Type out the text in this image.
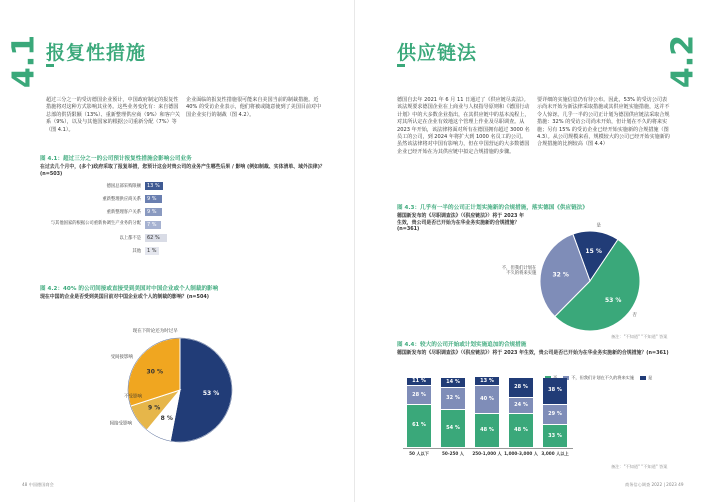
4.1 报复性措施
超过三分之一的受访德国企业预计，中国政府制定的报复性措施将对这种方式影响其业务。这些业务变化有：来自德国总部的供货限额（13%）、重新整理供应商（9%）和客户关系（9%），以及与其他国家的根据公司重新分配（7%）等（图 4.1）。
企业面临的报复性措施很可能来自美国当前的制裁措施。近 40% 的受访企业表示，他们将被或随意使到了美国目前对中国企业实行的制裁（图 4.2）。
图 4.1：超过三分之一的公司预计报复性措施会影响公司业务
在过去几个月中，(多个)政府采取了报复举措，您预计这会对贵公司的业务产生哪些后果 / 影响 (例如制裁、实体清单、域外法律)？(n=503)
德国总部采购限额	13 %
重新整理供应商关系	9 %
重新整理客户关系	9 %
与其他国家的根据公司重新协调生产业务的分配	7 %
以上都不是	62 %
其他	1 %
图 4.2：40% 的公司间接或直接受到美国对中国企业或个人制裁的影响
现在中国的企业是否受到美国目前对中国企业或个人的制裁的影响？(n=504)
53 %
不受影响
8 %
现在下阶论还为时过早
9 %
间接受影响
30 %
受间接影响
48 中国德国商会
供应链法	4.2
德国自去年 2021 年 6 月 11 日通过了《供应链尽责法》。该法规要求德国企业在上商业与人权指导原则和《德国行动计划》中的大多数企业指出，在其供应链中的基本流程上，对其所认定在企业有效地这个管理上作业及尽职调查。从 2023 年开始，该法律将面对所有在德国拥有超过 3000 名员工的公司，到 2024 年将扩大到 1000 名员工的公司。虽然该法律将对中国有影响力，但在中国营运的大多数德国企业已经开始在为其供应链中拟定合规措施的步骤。
要详细的实施信息仍有待公布。因此，53% 的受访公司表示尚未开始为新法律采取措施或其供应链实施措施，这并不令人惊讶。几乎一半的公司正计划为德国供应链法采取合规措施：32% 的受访公司尚未开始，但计划在不久的将来实施；另有 15% 的受访企业已经开始实施新的合规措施（图 4.3）。从公司规模来看，规模较大的公司已经开始实施新的合规措施的比例较高（图 4.4）
图 4.3：几乎有一半的公司正计划实施新的合规措施，落实德国《供应链法》
德国新发布的《尽职调查法》（《供应链法》）将于 2023 年生效，贵公司是否已开始为在华业务实施新的合规措施？(n=361)
15 %
是
53 %
否
32 %
不，但我们计划在
不久的将来实施
备注："不知道" "不知道" 答案
图 4.4：较大的公司开始或计划实施追加的合规措施
德国新发布的《尽职调查法》（《供应链法》）将于 2023 年生效，贵公司是否已开始为在华业务实施新的合规措施？(n=361)
不，但我们计划在不久的将来实施	是
61 %
28 %
11 %
50 人以下
54 %
32 %
14 %
50-250 人
48 %
40 %
13 %
250-1,000 人
48 %
24 %
28 %
1,000-3,000 人
33 %
29 %
38 %
3,000 人以上
备注："不知道" "不知道" 答案
商务信心调查 2022 | 2023 49
